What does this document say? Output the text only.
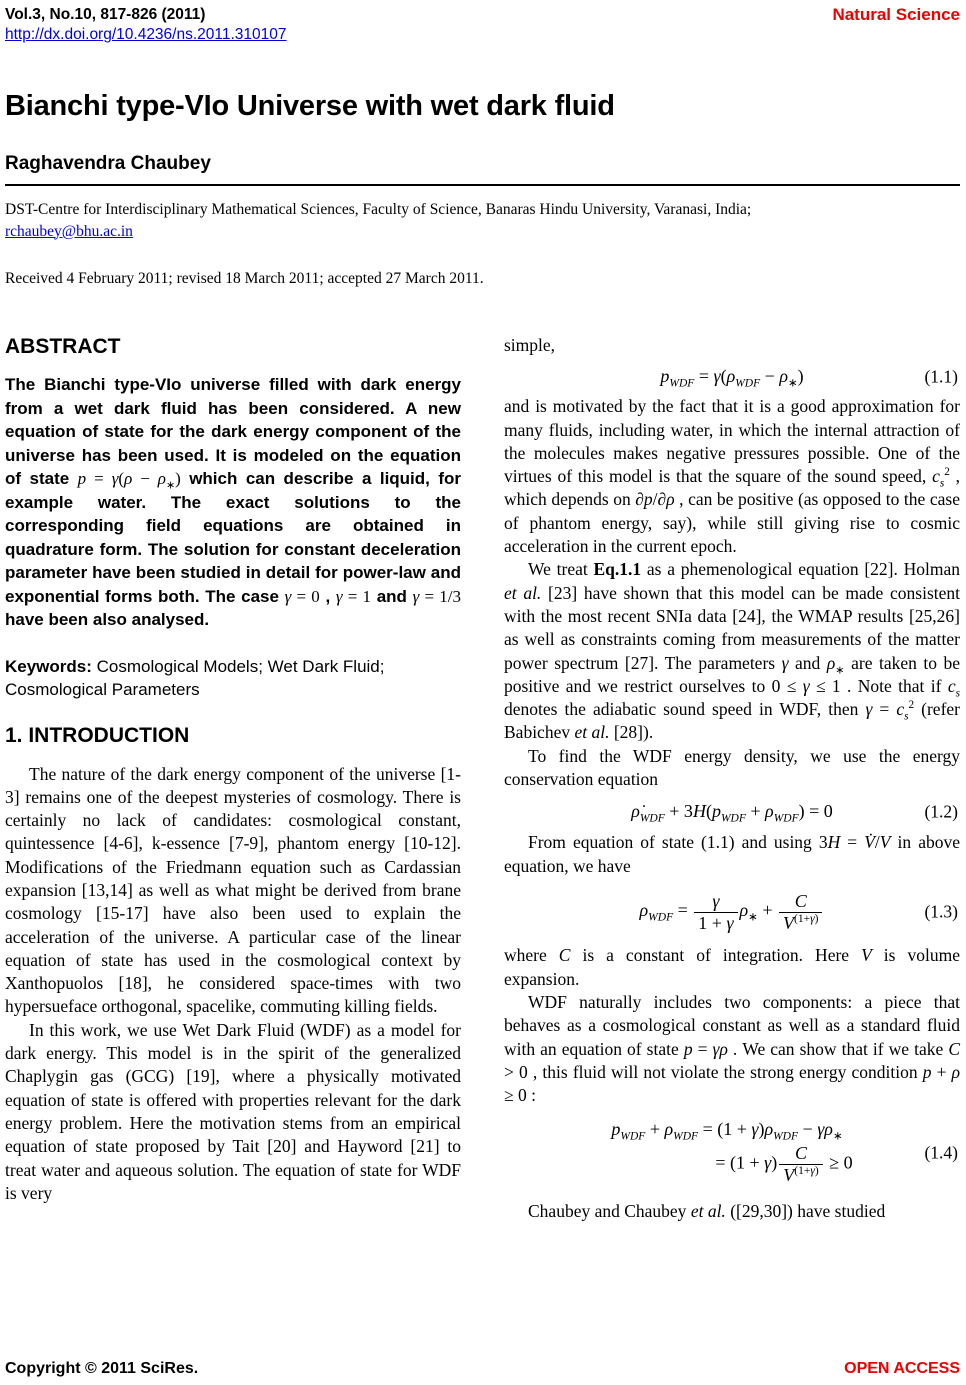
Vol.3, No.10, 817-826 (2011)
http://dx.doi.org/10.4236/ns.2011.310107
Natural Science
Bianchi type-VIo Universe with wet dark fluid
Raghavendra Chaubey
DST-Centre for Interdisciplinary Mathematical Sciences, Faculty of Science, Banaras Hindu University, Varanasi, India;
rchaubey@bhu.ac.in
Received 4 February 2011; revised 18 March 2011; accepted 27 March 2011.
ABSTRACT
The Bianchi type-VIo universe filled with dark energy from a wet dark fluid has been considered. A new equation of state for the dark energy component of the universe has been used. It is modeled on the equation of state $p = \gamma(\rho - \rho_∗)$ which can describe a liquid, for example water. The exact solutions to the corresponding field equations are obtained in quadrature form. The solution for constant deceleration parameter have been studied in detail for power-law and exponential forms both. The case γ = 0 , γ = 1 and γ = 1/3 have been also analysed.
Keywords: Cosmological Models; Wet Dark Fluid; Cosmological Parameters
1. INTRODUCTION

The nature of the dark energy component of the universe [1-3] remains one of the deepest mysteries of cosmology. There is certainly no lack of candidates: cosmological constant, quintessence [4-6], k-essence [7-9], phantom energy [10-12]. Modifications of the Friedmann equation such as Cardassian expansion [13,14] as well as what might be derived from brane cosmology [15-17] have also been used to explain the acceleration of the universe. A particular case of the linear equation of state has used in the cosmological context by Xanthopuolos [18], he considered space-times with two hypersueface orthogonal, spacelike, commuting killing fields.

In this work, we use Wet Dark Fluid (WDF) as a model for dark energy. This model is in the spirit of the generalized Chaplygin gas (GCG) [19], where a physically motivated equation of state is offered with properties relevant for the dark energy problem. Here the motivation stems from an empirical equation of state proposed by Tait [20] and Hayword [21] to treat water and aqueous solution. The equation of state for WDF is very

simple,

$p_{WDF} = \gamma(\rho_{WDF} - \rho_∗)$	(1.1)

and is motivated by the fact that it is a good approximation for many fluids, including water, in which the internal attraction of the molecules makes negative pressures possible. One of the virtues of this model is that the square of the sound speed, $c_s^2$ , which depends on ∂p/∂ρ , can be positive (as opposed to the case of phantom energy, say), while still giving rise to cosmic acceleration in the current epoch.

We treat Eq.1.1 as a phemenological equation [22]. Holman et al. [23] have shown that this model can be made consistent with the most recent SNIa data [24], the WMAP results [25,26] as well as constraints coming from measurements of the matter power spectrum [27]. The parameters γ and $\rho_∗$ are taken to be positive and we restrict ourselves to 0 ≤ γ ≤ 1 . Note that if $c_s$ denotes the adiabatic sound speed in WDF, then $\gamma = c_s^2$ (refer Babichev et al. [28]).

To find the WDF energy density, we use the energy conservation equation

$\rhȯ_{WDF} + 3H(p_{WDF} + \rho_{WDF}) = 0$	(1.2)

From equation of state (1.1) and using 3H = V̇/V in above equation, we have

$\rho_{WDF} = \frac{\gamma}{1 + \gamma} \rho_∗ + \frac{C}{V^{(1+\gamma)}}$	(1.3)

where C is a constant of integration. Here V is volume expansion.

WDF naturally includes two components: a piece that behaves as a cosmological constant as well as a standard fluid with an equation of state p = γρ . We can show that if we take C > 0 , this fluid will not violate the strong energy condition p + ρ ≥ 0 :

$p_{WDF} + \rho_{WDF} = (1 + \gamma)\rho_{WDF} - \gamma\rho_∗$
= $(1 + \gamma) \frac{C}{V^{(1+\gamma)}} \ge 0$
(1.4)

Chaubey and Chaubey et al. ([29,30]) have studied

Copyright © 2011 SciRes.	OPEN ACCESS
